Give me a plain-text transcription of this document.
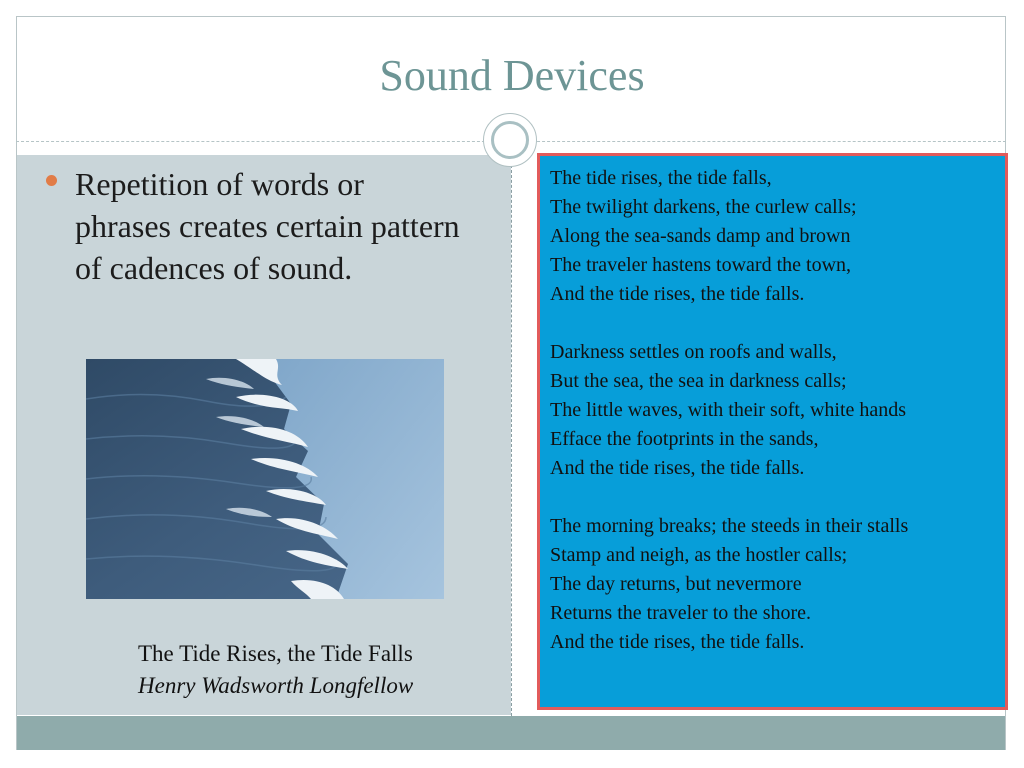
Sound Devices
Repetition of words or phrases creates certain pattern of cadences of sound.
The Tide Rises, the Tide Falls
Henry Wadsworth Longfellow
The tide rises, the tide falls,
The twilight darkens, the curlew calls;
Along the sea-sands damp and brown
The traveler hastens toward the town,
And the tide rises, the tide falls.
Darkness settles on roofs and walls,
But the sea, the sea in darkness calls;
The little waves, with their soft, white hands
Efface the footprints in the sands,
And the tide rises, the tide falls.
The morning breaks; the steeds in their stalls
Stamp and neigh, as the hostler calls;
The day returns, but nevermore
Returns the traveler to the shore.
And the tide rises, the tide falls.
